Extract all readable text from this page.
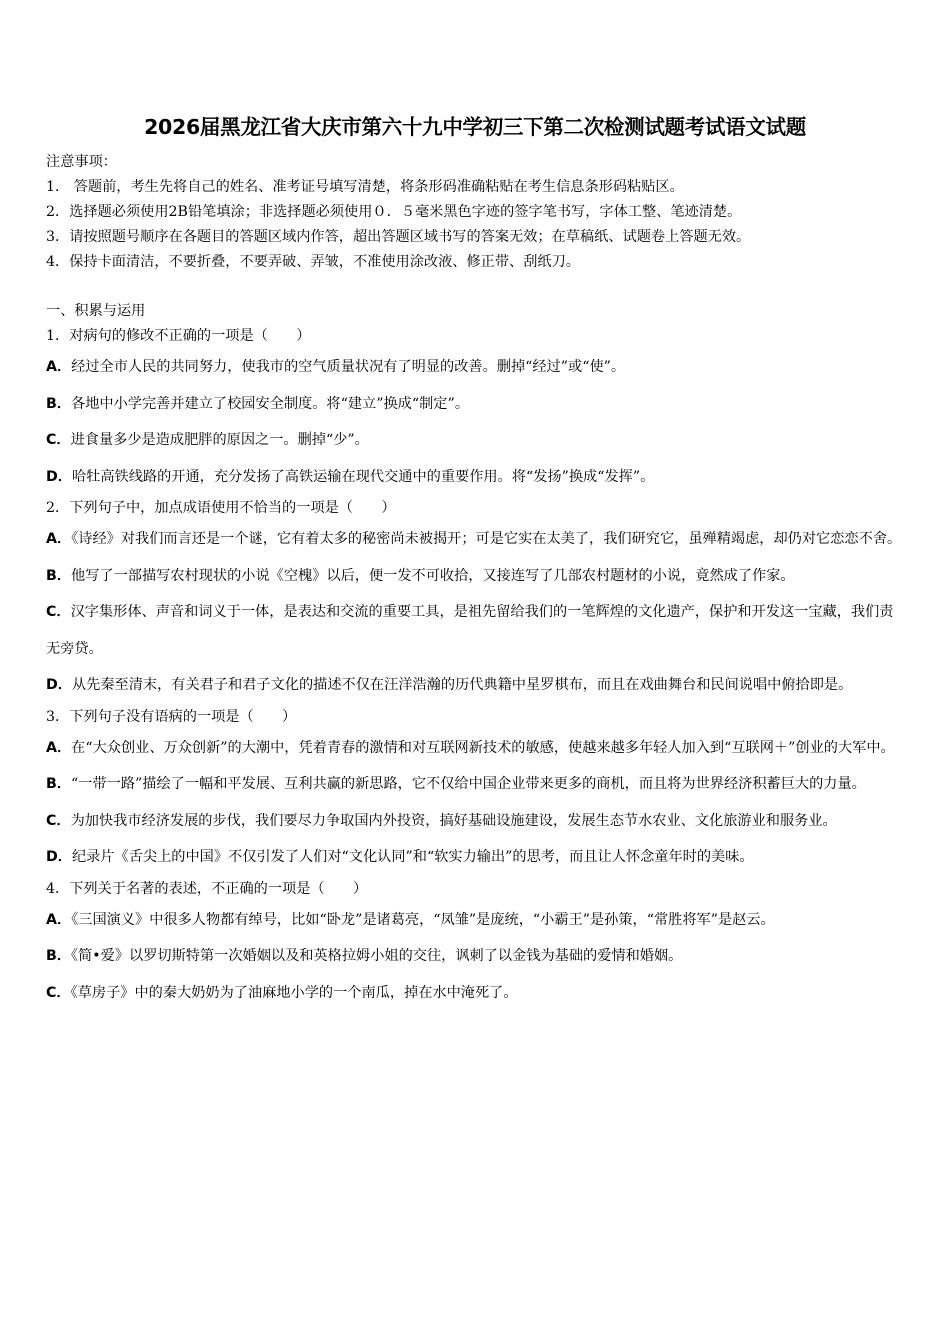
2026届黑龙江省大庆市第六十九中学初三下第二次检测试题考试语文试题
注意事项：
1． 答题前，考生先将自己的姓名、准考证号填写清楚，将条形码准确粘贴在考生信息条形码粘贴区。
2．选择题必须使用2B铅笔填涂；非选择题必须使用０．５毫米黑色字迹的签字笔书写，字体工整、笔迹清楚。
3．请按照题号顺序在各题目的答题区域内作答，超出答题区域书写的答案无效；在草稿纸、试题卷上答题无效。
4．保持卡面清洁，不要折叠，不要弄破、弄皱，不准使用涂改液、修正带、刮纸刀。
一、积累与运用
1．对病句的修改不正确的一项是（　　）
A．经过全市人民的共同努力，使我市的空气质量状况有了明显的改善。删掉“经过”或“使”。
B．各地中小学完善并建立了校园安全制度。将“建立”换成“制定”。
C．进食量多少是造成肥胖的原因之一。删掉“少”。
D．哈牡高铁线路的开通，充分发扬了高铁运输在现代交通中的重要作用。将“发扬”换成“发挥”。
2．下列句子中，加点成语使用不恰当的一项是（　　）
A．《诗经》对我们而言还是一个谜，它有着太多的秘密尚未被揭开；可是它实在太美了，我们研究它，虽殚精竭虑，却仍对它恋恋不舍。
B．他写了一部描写农村现状的小说《空槐》以后，便一发不可收拾，又接连写了几部农村题材的小说，竟然成了作家。
C．汉字集形体、声音和词义于一体，是表达和交流的重要工具，是祖先留给我们的一笔辉煌的文化遗产，保护和开发这一宝藏，我们责无旁贷。
D．从先秦至清末，有关君子和君子文化的描述不仅在汪洋浩瀚的历代典籍中星罗棋布，而且在戏曲舞台和民间说唱中俯拾即是。
3．下列句子没有语病的一项是（　　）
A．在“大众创业、万众创新”的大潮中，凭着青春的激情和对互联网新技术的敏感，使越来越多年轻人加入到“互联网＋”创业的大军中。
B．“一带一路”描绘了一幅和平发展、互利共赢的新思路，它不仅给中国企业带来更多的商机，而且将为世界经济积蓄巨大的力量。
C．为加快我市经济发展的步伐，我们要尽力争取国内外投资，搞好基础设施建设，发展生态节水农业、文化旅游业和服务业。
D．纪录片《舌尖上的中国》不仅引发了人们对“文化认同”和“软实力输出”的思考，而且让人怀念童年时的美味。
4．下列关于名著的表述，不正确的一项是（　　）
A．《三国演义》中很多人物都有绰号，比如“卧龙”是诸葛亮，“凤雏”是庞统，“小霸王”是孙策，“常胜将军”是赵云。
B．《简•爱》以罗切斯特第一次婚姻以及和英格拉姆小姐的交往，讽刺了以金钱为基础的爱情和婚姻。
C．《草房子》中的秦大奶奶为了油麻地小学的一个南瓜，掉在水中淹死了。
